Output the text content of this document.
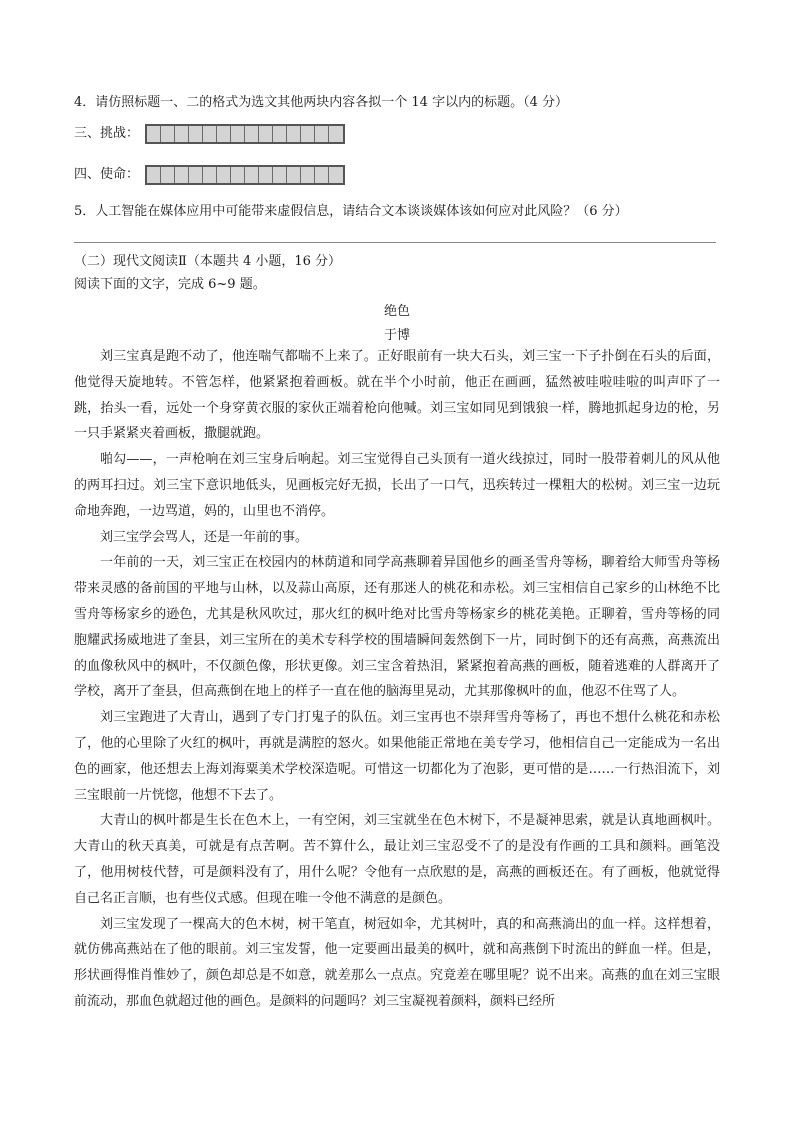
4．请仿照标题一、二的格式为选文其他两块内容各拟一个 14 字以内的标题。（4 分）
三、挑战：
四、使命：
5．人工智能在媒体应用中可能带来虚假信息，请结合文本谈谈媒体该如何应对此风险？（6 分）
（二）现代文阅读Ⅱ（本题共 4 小题，16 分）
阅读下面的文字，完成 6~9 题。
绝色
于博

刘三宝真是跑不动了，他连喘气都喘不上来了。正好眼前有一块大石头，刘三宝一下子扑倒在石头的后面，他觉得天旋地转。不管怎样，他紧紧抱着画板。就在半个小时前，他正在画画，猛然被哇啦哇啦的叫声吓了一跳，抬头一看，远处一个身穿黄衣服的家伙正端着枪向他喊。刘三宝如同见到饿狼一样，腾地抓起身边的枪，另一只手紧紧夹着画板，撒腿就跑。

啪勾——，一声枪响在刘三宝身后响起。刘三宝觉得自己头顶有一道火线掠过，同时一股带着刺儿的风从他的两耳扫过。刘三宝下意识地低头，见画板完好无损，长出了一口气，迅疾转过一棵粗大的松树。刘三宝一边玩命地奔跑，一边骂道，妈的，山里也不消停。

刘三宝学会骂人，还是一年前的事。

一年前的一天，刘三宝正在校园内的林荫道和同学高燕聊着异国他乡的画圣雪舟等杨，聊着给大师雪舟等杨带来灵感的备前国的平地与山林，以及蒜山高原，还有那迷人的桃花和赤松。刘三宝相信自己家乡的山林绝不比雪舟等杨家乡的逊色，尤其是秋风吹过，那火红的枫叶绝对比雪舟等杨家乡的桃花美艳。正聊着，雪舟等杨的同胞耀武扬威地进了奎县，刘三宝所在的美术专科学校的围墙瞬间轰然倒下一片，同时倒下的还有高燕，高燕流出的血像秋风中的枫叶，不仅颜色像，形状更像。刘三宝含着热泪，紧紧抱着高燕的画板，随着逃难的人群离开了学校，离开了奎县，但高燕倒在地上的样子一直在他的脑海里晃动，尤其那像枫叶的血，他忍不住骂了人。

刘三宝跑进了大青山，遇到了专门打鬼子的队伍。刘三宝再也不崇拜雪舟等杨了，再也不想什么桃花和赤松了，他的心里除了火红的枫叶，再就是满腔的怒火。如果他能正常地在美专学习，他相信自己一定能成为一名出色的画家，他还想去上海刘海粟美术学校深造呢。可惜这一切都化为了泡影，更可惜的是……一行热泪流下，刘三宝眼前一片恍惚，他想不下去了。

大青山的枫叶都是生长在色木上，一有空闲，刘三宝就坐在色木树下，不是凝神思索，就是认真地画枫叶。大青山的秋天真美，可就是有点苦啊。苦不算什么，最让刘三宝忍受不了的是没有作画的工具和颜料。画笔没了，他用树枝代替，可是颜料没有了，用什么呢？令他有一点欣慰的是，高燕的画板还在。有了画板，他就觉得自己名正言顺，也有些仪式感。但现在唯一令他不满意的是颜色。

刘三宝发现了一棵高大的色木树，树干笔直，树冠如伞，尤其树叶，真的和高燕淌出的血一样。这样想着，就仿佛高燕站在了他的眼前。刘三宝发誓，他一定要画出最美的枫叶，就和高燕倒下时流出的鲜血一样。但是，形状画得惟肖惟妙了，颜色却总是不如意，就差那么一点点。究竟差在哪里呢？说不出来。高燕的血在刘三宝眼前流动，那血色就超过他的画色。是颜料的问题吗？刘三宝凝视着颜料，颜料已经所
